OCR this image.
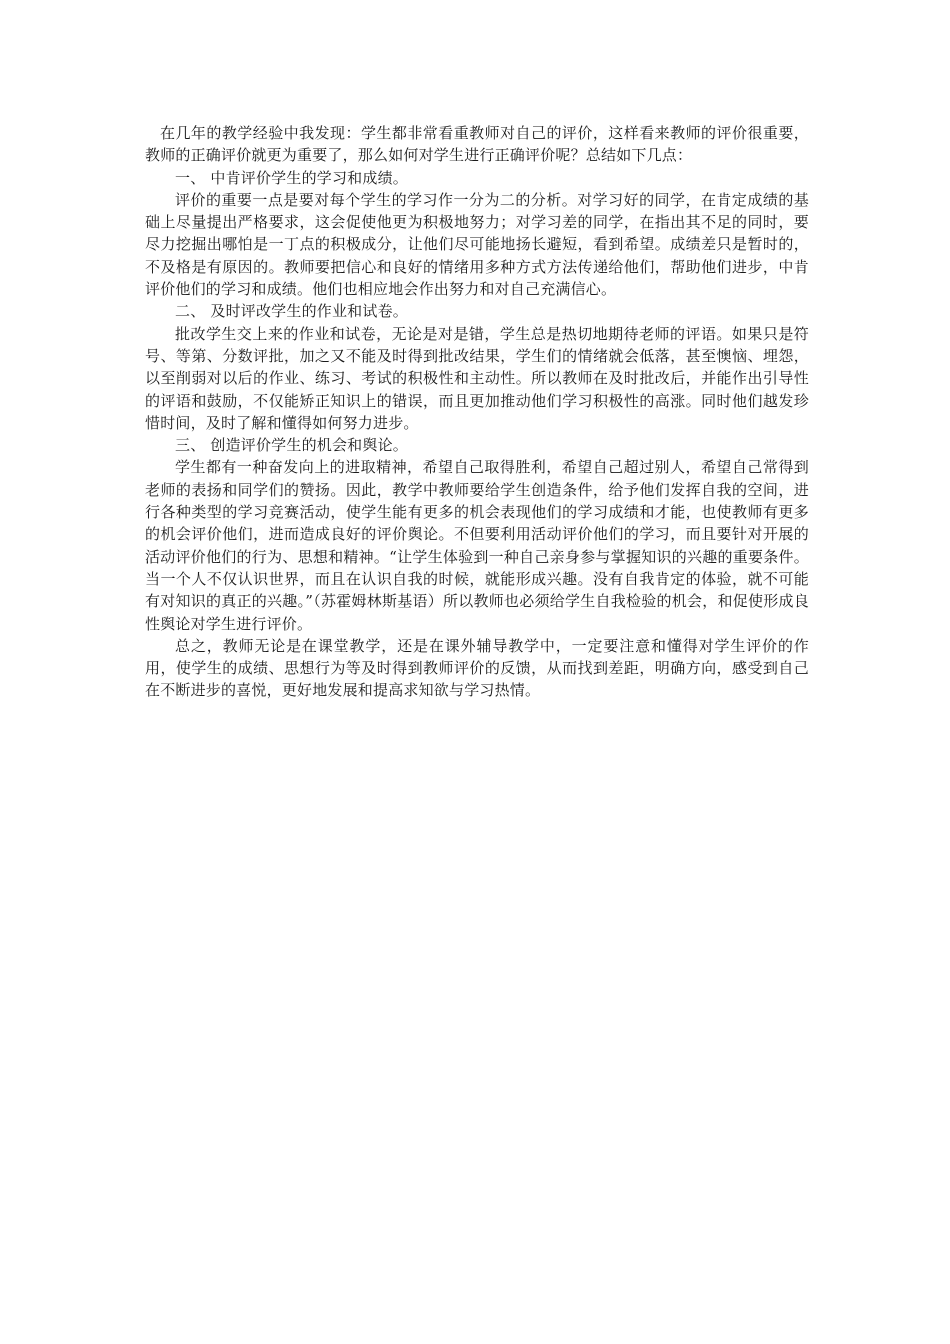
在几年的教学经验中我发现：学生都非常看重教师对自己的评价，这样看来教师的评价很重要，教师的正确评价就更为重要了，那么如何对学生进行正确评价呢？总结如下几点：

一、 中肯评价学生的学习和成绩。

评价的重要一点是要对每个学生的学习作一分为二的分析。对学习好的同学，在肯定成绩的基础上尽量提出严格要求，这会促使他更为积极地努力；对学习差的同学，在指出其不足的同时，要尽力挖掘出哪怕是一丁点的积极成分，让他们尽可能地扬长避短，看到希望。成绩差只是暂时的，不及格是有原因的。教师要把信心和良好的情绪用多种方式方法传递给他们，帮助他们进步，中肯评价他们的学习和成绩。他们也相应地会作出努力和对自己充满信心。

二、 及时评改学生的作业和试卷。

批改学生交上来的作业和试卷，无论是对是错，学生总是热切地期待老师的评语。如果只是符号、等第、分数评批，加之又不能及时得到批改结果，学生们的情绪就会低落，甚至懊恼、埋怨，以至削弱对以后的作业、练习、考试的积极性和主动性。所以教师在及时批改后，并能作出引导性的评语和鼓励，不仅能矫正知识上的错误，而且更加推动他们学习积极性的高涨。同时他们越发珍惜时间，及时了解和懂得如何努力进步。

三、 创造评价学生的机会和舆论。

学生都有一种奋发向上的进取精神，希望自己取得胜利，希望自己超过别人，希望自己常得到老师的表扬和同学们的赞扬。因此，教学中教师要给学生创造条件，给予他们发挥自我的空间，进行各种类型的学习竞赛活动，使学生能有更多的机会表现他们的学习成绩和才能，也使教师有更多的机会评价他们，进而造成良好的评价舆论。不但要利用活动评价他们的学习，而且要针对开展的活动评价他们的行为、思想和精神。“让学生体验到一种自己亲身参与掌握知识的兴趣的重要条件。当一个人不仅认识世界，而且在认识自我的时候，就能形成兴趣。没有自我肯定的体验，就不可能有对知识的真正的兴趣。”（苏霍姆林斯基语）所以教师也必须给学生自我检验的机会，和促使形成良性舆论对学生进行评价。

总之，教师无论是在课堂教学，还是在课外辅导教学中，一定要注意和懂得对学生评价的作用，使学生的成绩、思想行为等及时得到教师评价的反馈，从而找到差距，明确方向，感受到自己在不断进步的喜悦，更好地发展和提高求知欲与学习热情。
